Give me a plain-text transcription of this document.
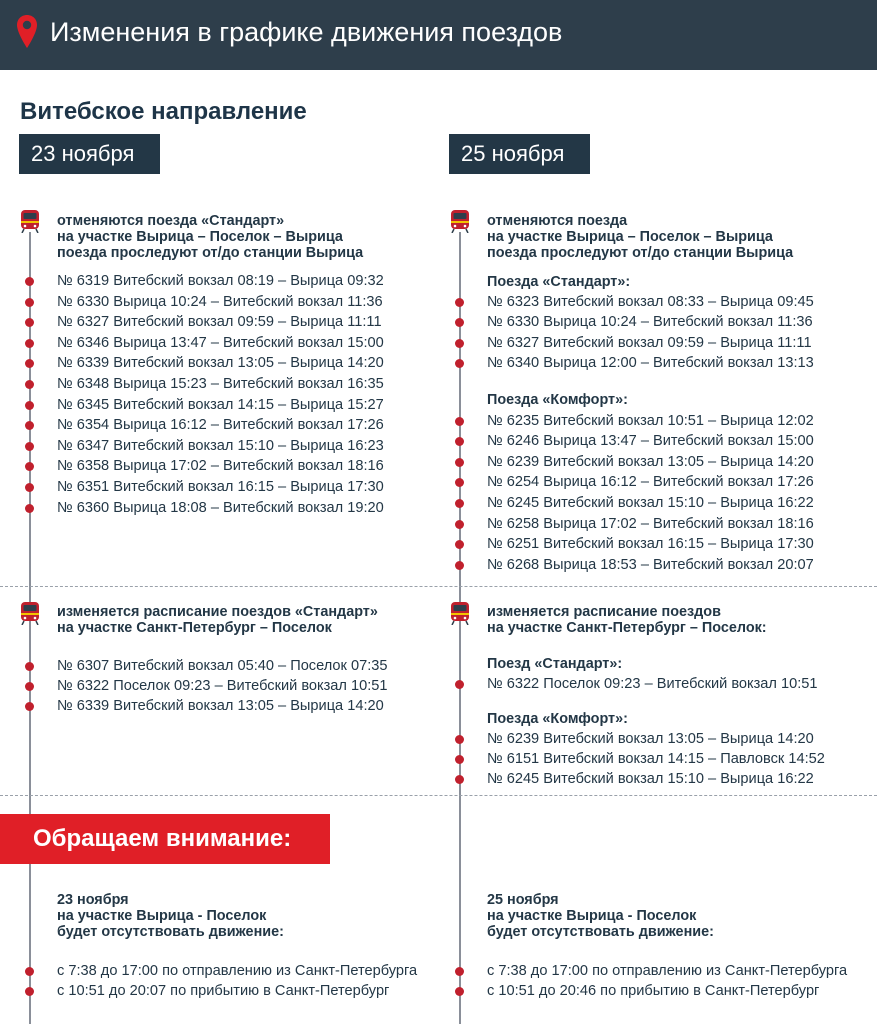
Изменения в графике движения поездов
Витебское направление
23 ноября	25 ноября
отменяются поезда «Стандарт»
на участке Вырица – Поселок – Вырица
поезда проследуют от/до станции Вырица
№ 6319 Витебский вокзал 08:19 – Вырица 09:32
№ 6330 Вырица 10:24 – Витебский вокзал 11:36
№ 6327 Витебский вокзал 09:59 – Вырица 11:11
№ 6346 Вырица 13:47 – Витебский вокзал 15:00
№ 6339 Витебский вокзал 13:05 – Вырица 14:20
№ 6348 Вырица 15:23 – Витебский вокзал 16:35
№ 6345 Витебский вокзал 14:15 – Вырица 15:27
№ 6354 Вырица 16:12 – Витебский вокзал 17:26
№ 6347 Витебский вокзал 15:10 – Вырица 16:23
№ 6358 Вырица 17:02 – Витебский вокзал 18:16
№ 6351 Витебский вокзал 16:15 – Вырица 17:30
№ 6360 Вырица 18:08 – Витебский вокзал 19:20
изменяется расписание поездов «Стандарт»
на участке Санкт-Петербург – Поселок
№ 6307 Витебский вокзал 05:40 – Поселок 07:35
№ 6322 Поселок 09:23 – Витебский вокзал 10:51
№ 6339 Витебский вокзал 13:05 – Вырица 14:20
Обращаем внимание:
23 ноября
на участке Вырица - Поселок
будет отсутствовать движение:
с 7:38 до 17:00 по отправлению из Санкт-Петербурга
с 10:51 до 20:07 по прибытию в Санкт-Петербург
отменяются поезда
на участке Вырица – Поселок – Вырица
поезда проследуют от/до станции Вырица
Поезда «Стандарт»:
№ 6323 Витебский вокзал 08:33 – Вырица 09:45
№ 6330 Вырица 10:24 – Витебский вокзал 11:36
№ 6327 Витебский вокзал 09:59 – Вырица 11:11
№ 6340 Вырица 12:00 – Витебский вокзал 13:13
Поезда «Комфорт»:
№ 6235 Витебский вокзал 10:51 – Вырица 12:02
№ 6246 Вырица 13:47 – Витебский вокзал 15:00
№ 6239 Витебский вокзал 13:05 – Вырица 14:20
№ 6254 Вырица 16:12 – Витебский вокзал 17:26
№ 6245 Витебский вокзал 15:10 – Вырица 16:22
№ 6258 Вырица 17:02 – Витебский вокзал 18:16
№ 6251 Витебский вокзал 16:15 – Вырица 17:30
№ 6268 Вырица 18:53 – Витебский вокзал 20:07
изменяется расписание поездов
на участке Санкт-Петербург – Поселок:
Поезд «Стандарт»:
№ 6322 Поселок 09:23 – Витебский вокзал 10:51
Поезда «Комфорт»:
№ 6239 Витебский вокзал 13:05 – Вырица 14:20
№ 6151 Витебский вокзал 14:15 – Павловск 14:52
№ 6245 Витебский вокзал 15:10 – Вырица 16:22
25 ноября
на участке Вырица - Поселок
будет отсутствовать движение:
с 7:38 до 17:00 по отправлению из Санкт-Петербурга
с 10:51 до 20:46 по прибытию в Санкт-Петербург
